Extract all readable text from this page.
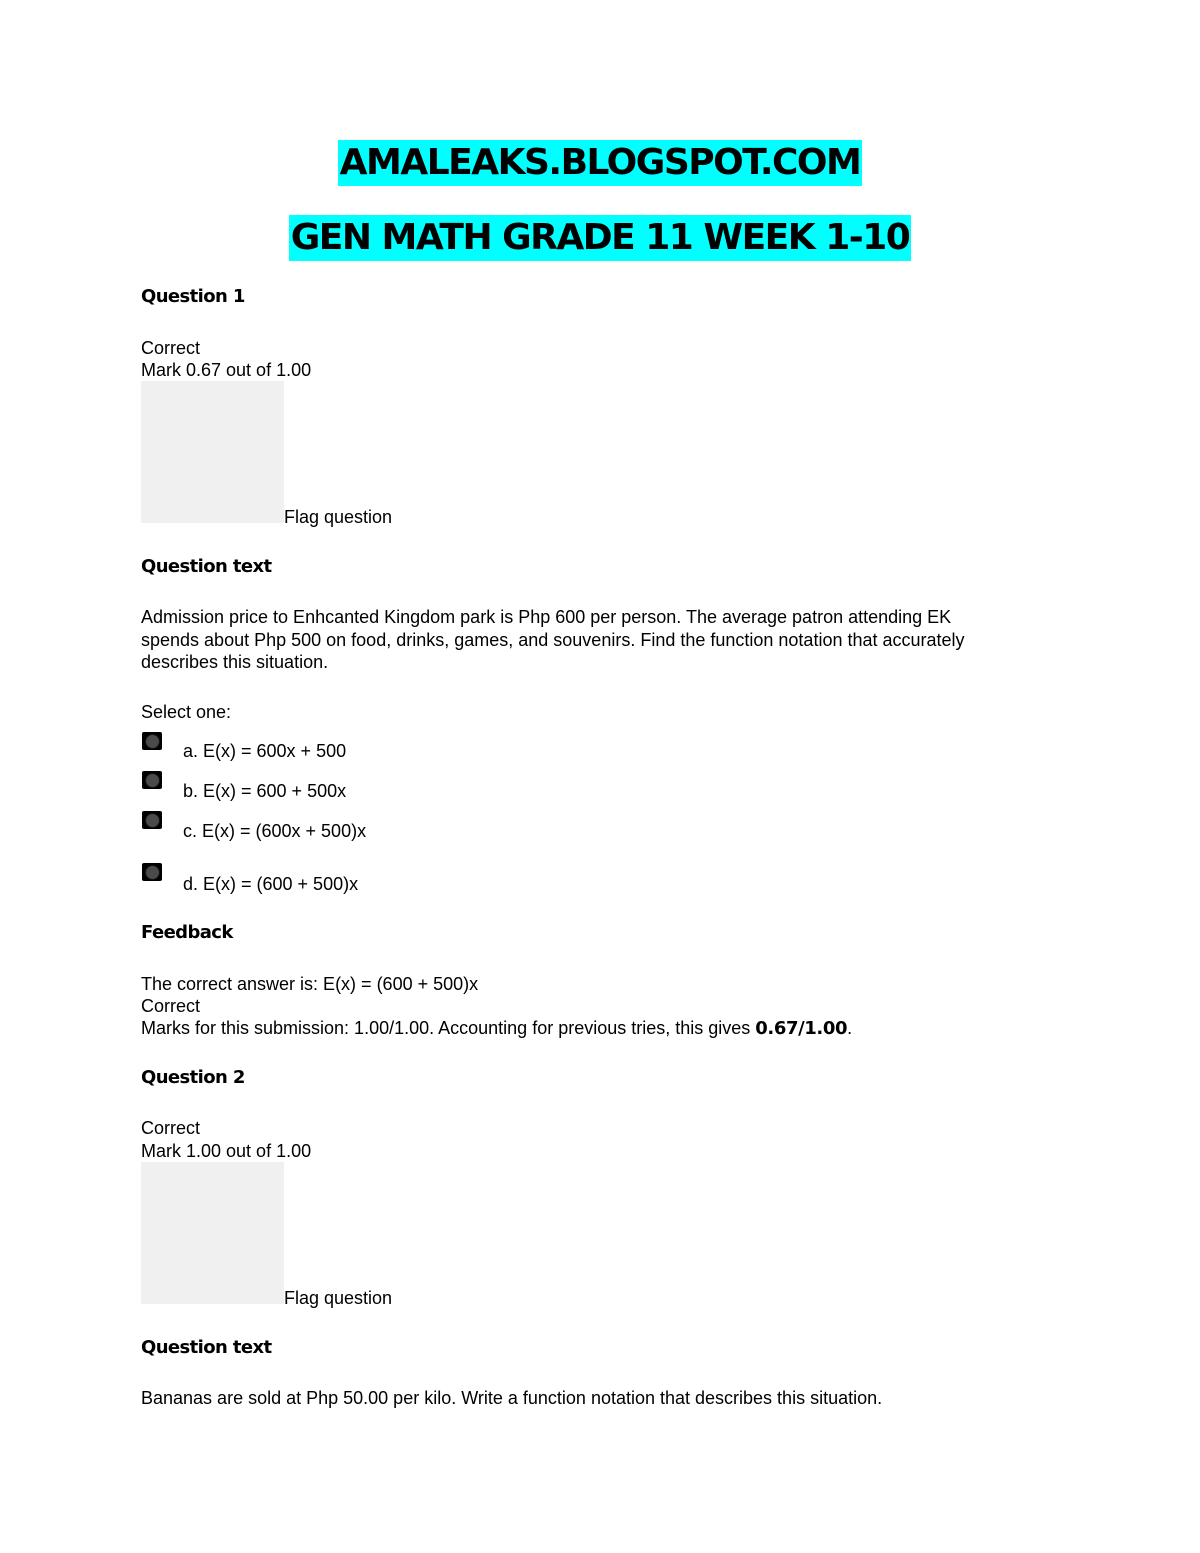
AMALEAKS.BLOGSPOT.COM
GEN MATH GRADE 11 WEEK 1-10
Question 1
Correct
Mark 0.67 out of 1.00
Flag question
Question text
Admission price to Enhcanted Kingdom park is Php 600 per person. The average patron attending EK
spends about Php 500 on food, drinks, games, and souvenirs. Find the function notation that accurately
describes this situation.
Select one:
a. E(x) = 600x + 500
b. E(x) = 600 + 500x
c. E(x) = (600x + 500)x
d. E(x) = (600 + 500)x
Feedback
The correct answer is: E(x) = (600 + 500)x
Correct
Marks for this submission: 1.00/1.00. Accounting for previous tries, this gives 0.67/1.00.
Question 2
Correct
Mark 1.00 out of 1.00
Flag question
Question text
Bananas are sold at Php 50.00 per kilo. Write a function notation that describes this situation.
